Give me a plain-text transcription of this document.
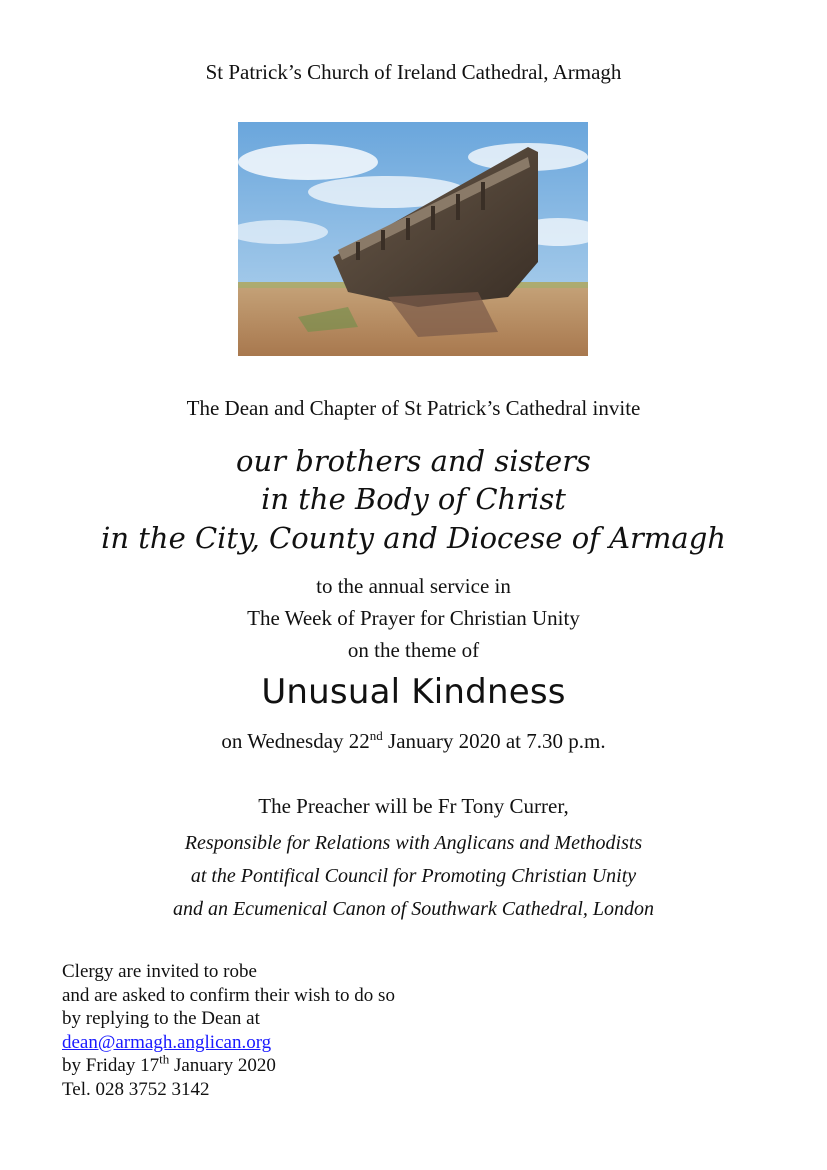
St Patrick’s Church of Ireland Cathedral, Armagh
The Dean and Chapter of St Patrick’s Cathedral invite
our brothers and sisters
in the Body of Christ
in the City, County and Diocese of Armagh
to the annual service in
The Week of Prayer for Christian Unity
on the theme of
Unusual Kindness
on Wednesday 22nd January 2020 at 7.30 p.m.
The Preacher will be Fr Tony Currer,
Responsible for Relations with Anglicans and Methodists
at the Pontifical Council for Promoting Christian Unity
and an Ecumenical Canon of Southwark Cathedral, London
Clergy are invited to robe
and are asked to confirm their wish to do so
by replying to the Dean at
dean@armagh.anglican.org
by Friday 17th January 2020
Tel. 028 3752 3142
